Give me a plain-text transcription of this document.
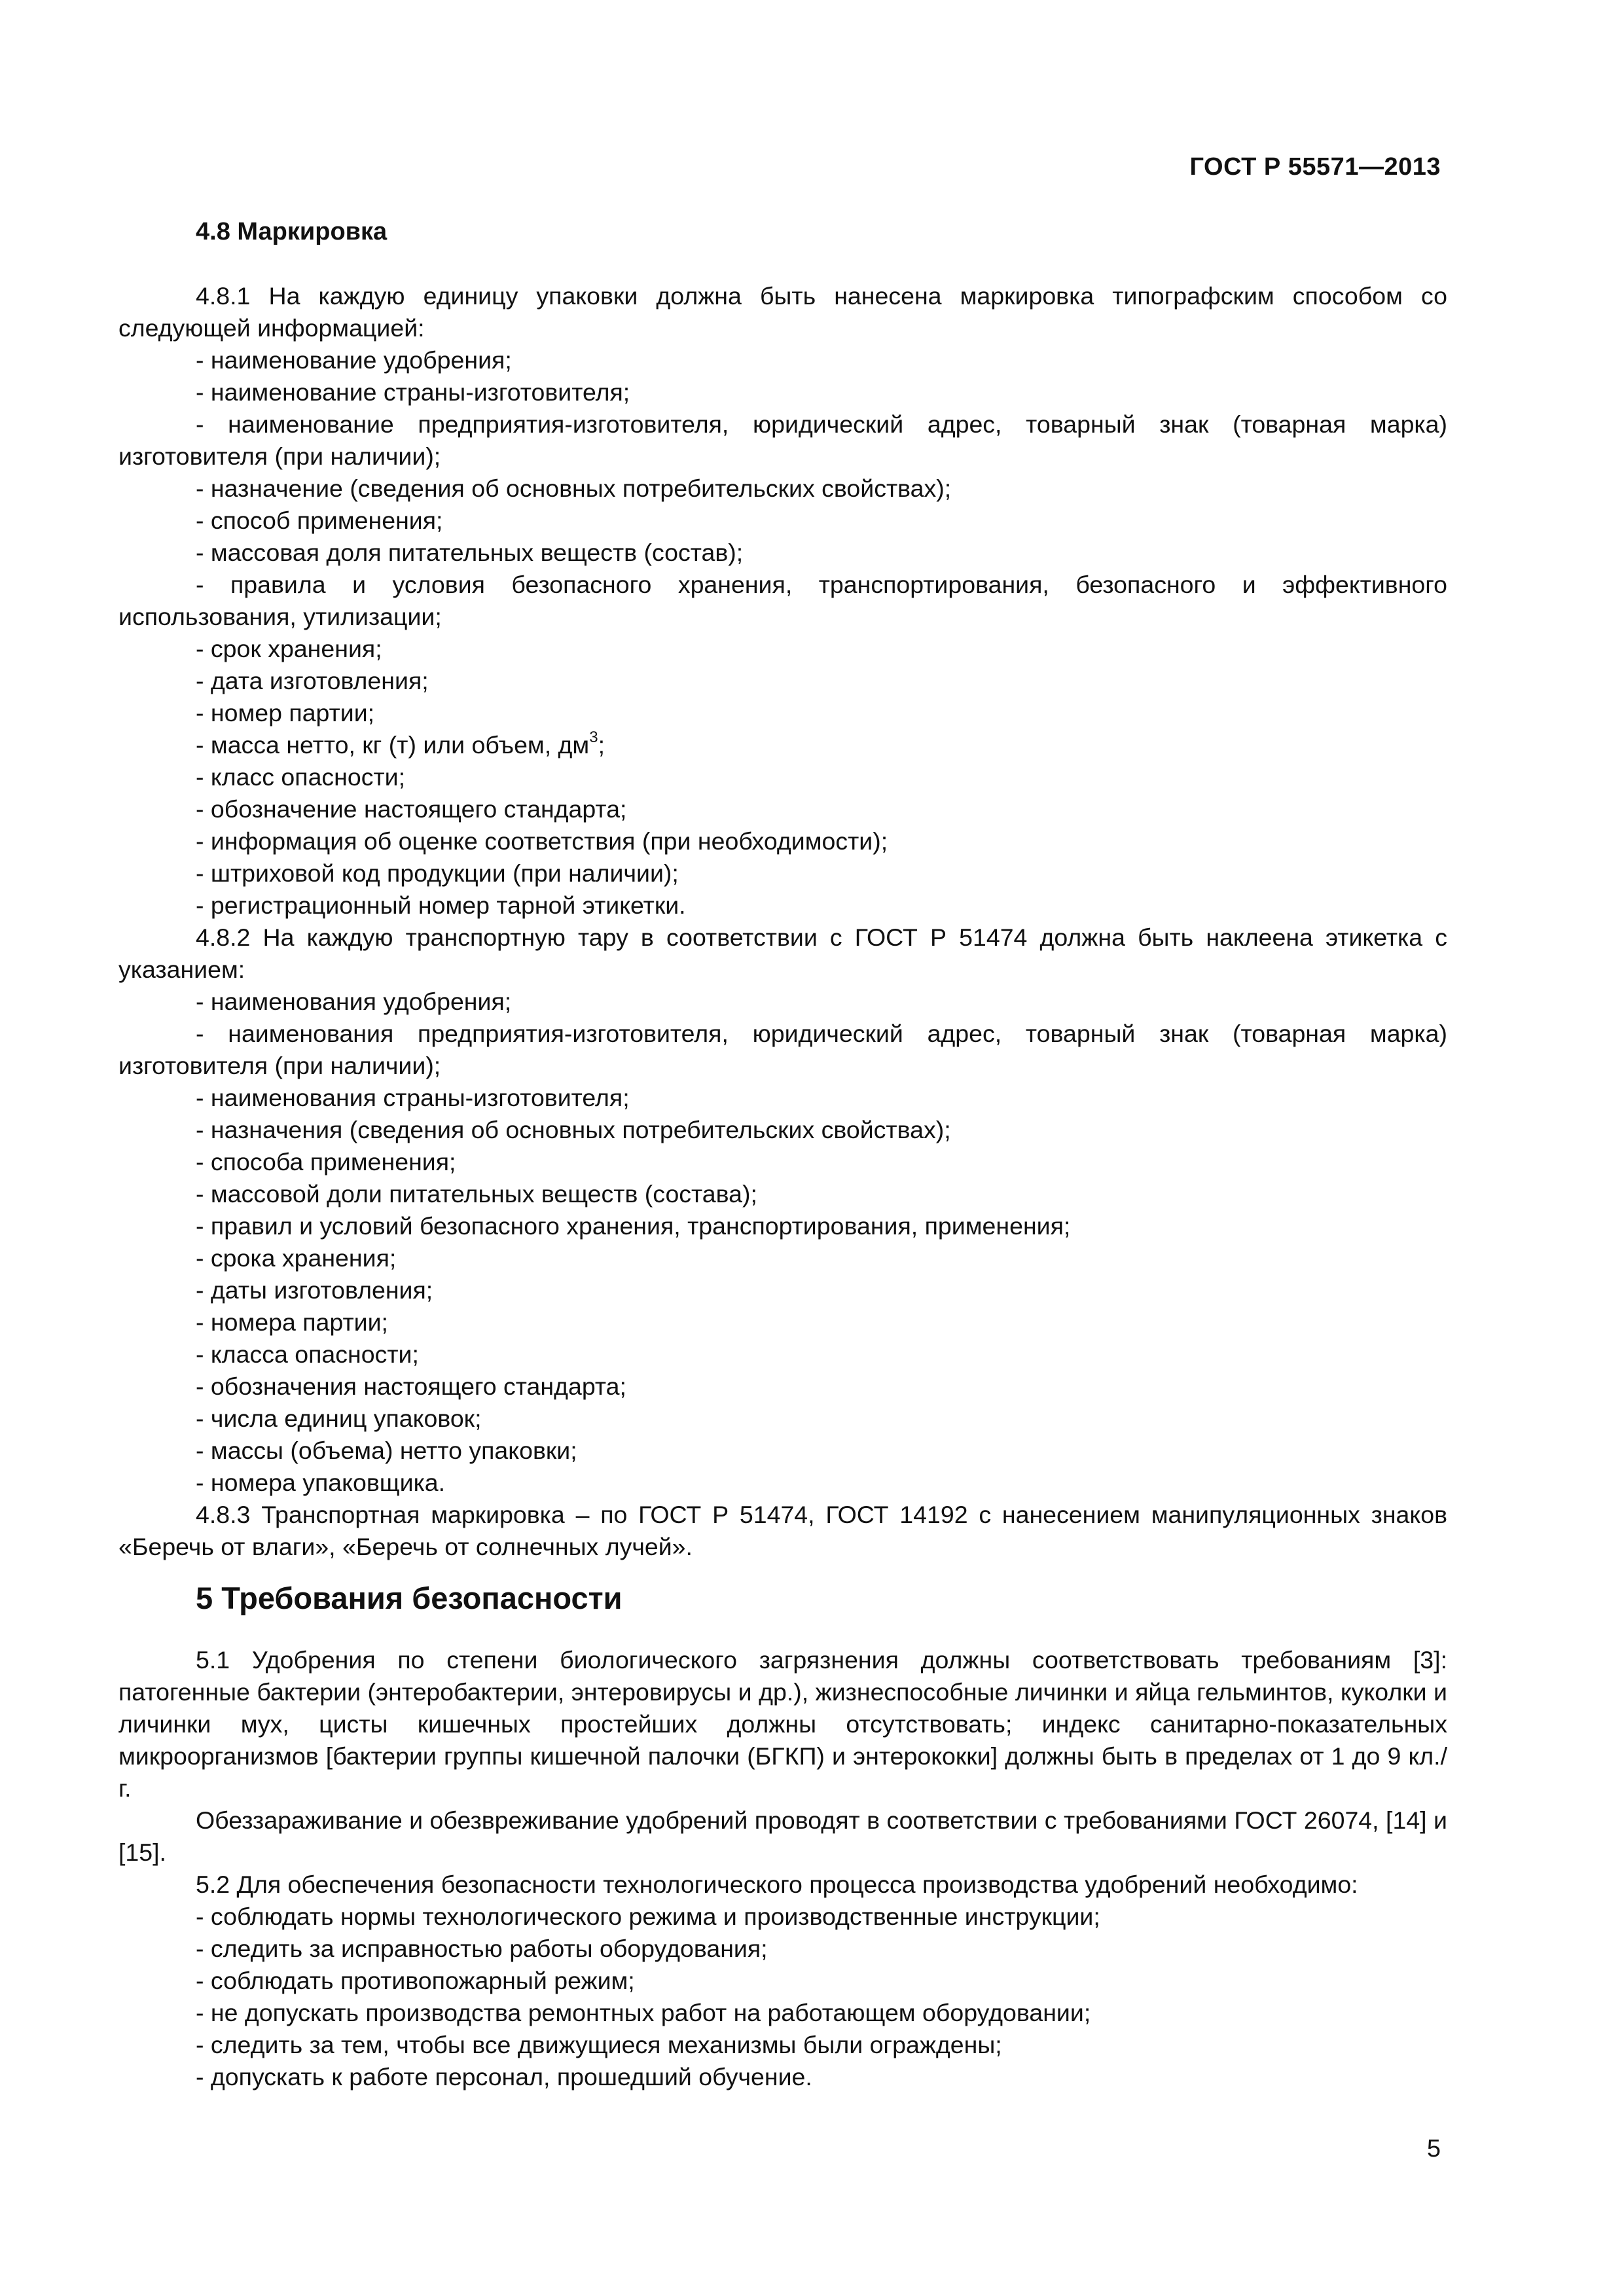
ГОСТ Р 55571—2013

4.8 Маркировка

4.8.1 На каждую единицу упаковки должна быть нанесена маркировка типографским способом со следующей информацией:

- наименование удобрения;
- наименование страны-изготовителя;
- наименование предприятия-изготовителя, юридический адрес, товарный знак (товарная марка) изготовителя (при наличии);
- назначение (сведения об основных потребительских свойствах);
- способ применения;
- массовая доля питательных веществ (состав);
- правила и условия безопасного хранения, транспортирования, безопасного и эффективного использования, утилизации;
- срок хранения;
- дата изготовления;
- номер партии;
- масса нетто, кг (т) или объем, $дм^3$;
- класс опасности;
- обозначение настоящего стандарта;
- информация об оценке соответствия (при необходимости);
- штриховой код продукции (при наличии);
- регистрационный номер тарной этикетки.

4.8.2 На каждую транспортную тару в соответствии с ГОСТ Р 51474 должна быть наклеена этикетка с указанием:

- наименования удобрения;
- наименования предприятия-изготовителя, юридический адрес, товарный знак (товарная марка) изготовителя (при наличии);
- наименования страны-изготовителя;
- назначения (сведения об основных потребительских свойствах);
- способа применения;
- массовой доли питательных веществ (состава);
- правил и условий безопасного хранения, транспортирования, применения;
- срока хранения;
- даты изготовления;
- номера партии;
- класса опасности;
- обозначения настоящего стандарта;
- числа единиц упаковок;
- массы (объема) нетто упаковки;
- номера упаковщика.

4.8.3 Транспортная маркировка – по ГОСТ Р 51474, ГОСТ 14192 с нанесением манипуляционных знаков «Беречь от влаги», «Беречь от солнечных лучей».

5 Требования безопасности

5.1 Удобрения по степени биологического загрязнения должны соответствовать требованиям [3]: патогенные бактерии (энтеробактерии, энтеровирусы и др.), жизнеспособные личинки и яйца гельминтов, куколки и личинки мух, цисты кишечных простейших должны отсутствовать; индекс санитарно-показательных микроорганизмов [бактерии группы кишечной палочки (БГКП) и энтерококки] должны быть в пределах от 1 до 9 кл./г.

Обеззараживание и обезвреживание удобрений проводят в соответствии с требованиями ГОСТ 26074, [14] и [15].

5.2 Для обеспечения безопасности технологического процесса производства удобрений необходимо:

- соблюдать нормы технологического режима и производственные инструкции;
- следить за исправностью работы оборудования;
- соблюдать противопожарный режим;
- не допускать производства ремонтных работ на работающем оборудовании;
- следить за тем, чтобы все движущиеся механизмы были ограждены;
- допускать к работе персонал, прошедший обучение.
5
